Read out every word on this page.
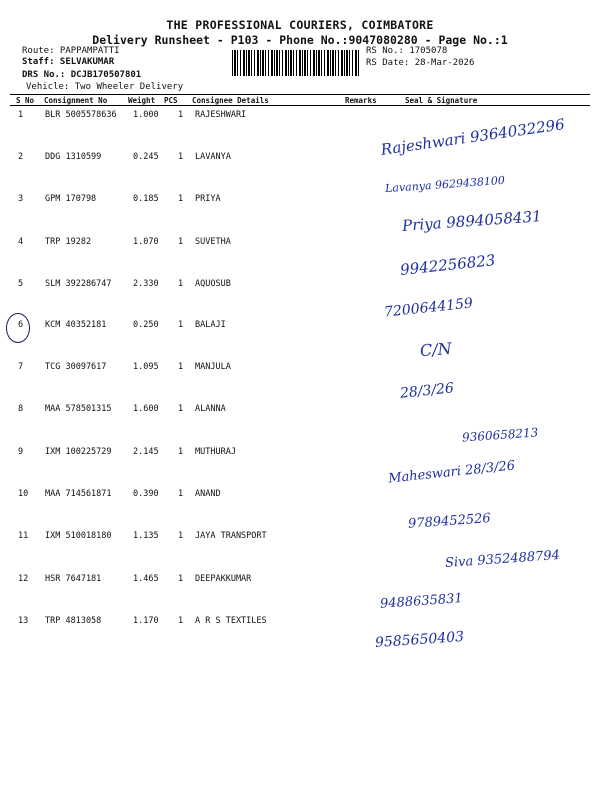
THE PROFESSIONAL COURIERS, COIMBATORE
Delivery Runsheet - P103 - Phone No.:9047080280 - Page No.:1
Route: PAPPAMPATTI
Staff: SELVAKUMAR
DRS No.: DCJB170507801
Vehicle: Two Wheeler Delivery
RS No.: 1705078
RS Date: 28-Mar-2026
S No Consignment No	Weight PCS Consignee Details	Remarks	Seal & Signature
1	BLR 5005578636 1.000 1 RAJESHWARI
Rajeshwari 9364032296
2	DDG 1310599	0.245 1 LAVANYA
Lavanya 9629438100
3	GPM 170798	0.185 1 PRIYA
Priya 9894058431
4	TRP 19282	1.070 1 SUVETHA
9942256823
5	SLM 392286747	2.330 1 AQUOSUB
7200644159
6	KCM 40352181	0.250 1 BALAJI
C/N
7	TCG 30097617	1.095 1 MANJULA
28/3/26
8	MAA 578501315	1.600 1 ALANNA
9360658213
9	IXM 100225729	2.145 1 MUTHURAJ
Maheswari 28/3/26
10 MAA 714561871	0.390 1 ANAND
9789452526
11 IXM 510018180	1.135 1 JAYA TRANSPORT
Siva 9352488794
12 HSR 7647181	1.465 1 DEEPAKKUMAR
9488635831
13 TRP 4813058	1.170 1 A R S TEXTILES
9585650403
